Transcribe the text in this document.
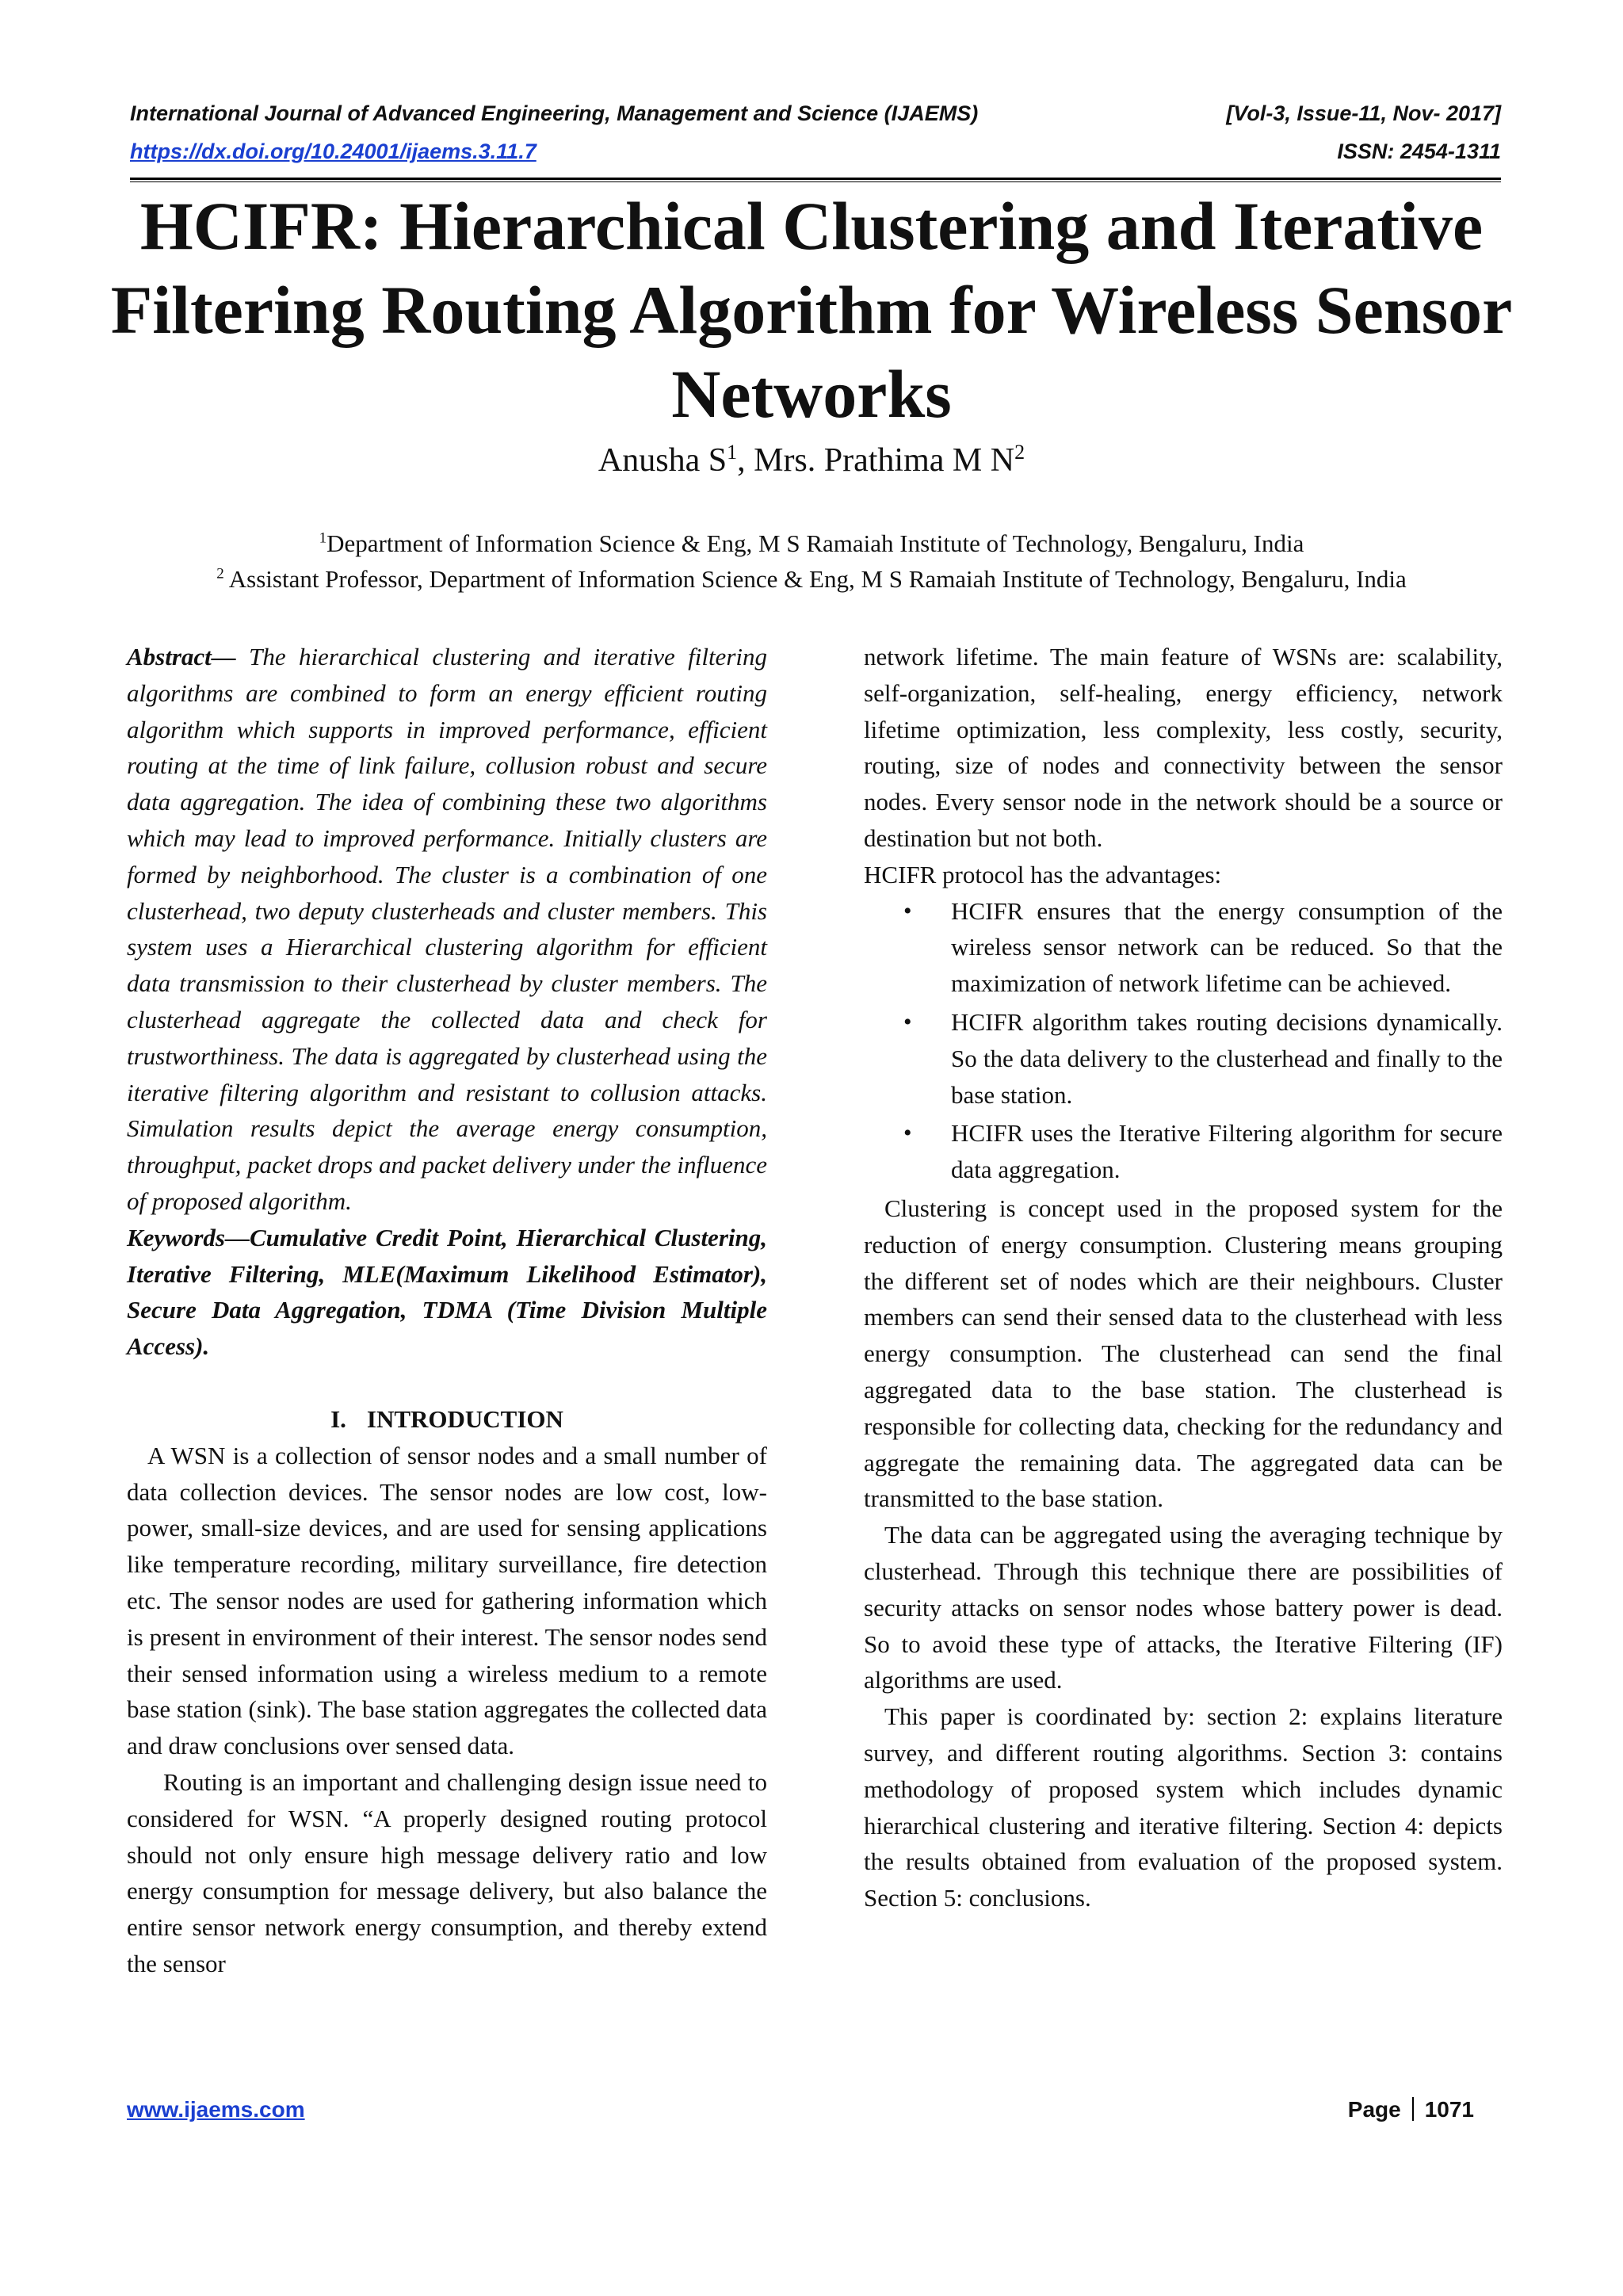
International Journal of Advanced Engineering, Management and Science (IJAEMS)	[Vol-3, Issue-11, Nov- 2017]
https://dx.doi.org/10.24001/ijaems.3.11.7	ISSN: 2454-1311
HCIFR: Hierarchical Clustering and Iterative Filtering Routing Algorithm for Wireless Sensor Networks
Anusha $S^1$, Mrs. Prathima M $N^2$
$^1$Department of Information Science & Eng, M S Ramaiah Institute of Technology, Bengaluru, India
$^2$ Assistant Professor, Department of Information Science & Eng, M S Ramaiah Institute of Technology, Bengaluru, India

Abstract— The hierarchical clustering and iterative filtering algorithms are combined to form an energy efficient routing algorithm which supports in improved performance, efficient routing at the time of link failure, collusion robust and secure data aggregation. The idea of combining these two algorithms which may lead to improved performance. Initially clusters are formed by neighborhood. The cluster is a combination of one clusterhead, two deputy clusterheads and cluster members. This system uses a Hierarchical clustering algorithm for efficient data transmission to their clusterhead by cluster members. The clusterhead aggregate the collected data and check for trustworthiness. The data is aggregated by clusterhead using the iterative filtering algorithm and resistant to collusion attacks. Simulation results depict the average energy consumption, throughput, packet drops and packet delivery under the influence of proposed algorithm.

Keywords—Cumulative Credit Point, Hierarchical Clustering, Iterative Filtering, MLE(Maximum Likelihood Estimator), Secure Data Aggregation, TDMA (Time Division Multiple Access).

I. INTRODUCTION

A WSN is a collection of sensor nodes and a small number of data collection devices. The sensor nodes are low cost, low-power, small-size devices, and are used for sensing applications like temperature recording, military surveillance, fire detection etc. The sensor nodes are used for gathering information which is present in environment of their interest. The sensor nodes send their sensed information using a wireless medium to a remote base station (sink). The base station aggregates the collected data and draw conclusions over sensed data.

Routing is an important and challenging design issue need to considered for WSN. “A properly designed routing protocol should not only ensure high message delivery ratio and low energy consumption for message delivery, but also balance the entire sensor network energy consumption, and thereby extend the sensor

network lifetime. The main feature of WSNs are: scalability, self-organization, self-healing, energy efficiency, network lifetime optimization, less complexity, less costly, security, routing, size of nodes and connectivity between the sensor nodes. Every sensor node in the network should be a source or destination but not both.

HCIFR protocol has the advantages:

• HCIFR ensures that the energy consumption of the wireless sensor network can be reduced. So that the maximization of network lifetime can be achieved.
• HCIFR algorithm takes routing decisions dynamically. So the data delivery to the clusterhead and finally to the base station.
• HCIFR uses the Iterative Filtering algorithm for secure data aggregation.

Clustering is concept used in the proposed system for the reduction of energy consumption. Clustering means grouping the different set of nodes which are their neighbours. Cluster members can send their sensed data to the clusterhead with less energy consumption. The clusterhead can send the final aggregated data to the base station. The clusterhead is responsible for collecting data, checking for the redundancy and aggregate the remaining data. The aggregated data can be transmitted to the base station.

The data can be aggregated using the averaging technique by clusterhead. Through this technique there are possibilities of security attacks on sensor nodes whose battery power is dead. So to avoid these type of attacks, the Iterative Filtering (IF) algorithms are used.

This paper is coordinated by: section 2: explains literature survey, and different routing algorithms. Section 3: contains methodology of proposed system which includes dynamic hierarchical clustering and iterative filtering. Section 4: depicts the results obtained from evaluation of the proposed system. Section 5: conclusions.

www.ijaems.com	Page 1071
